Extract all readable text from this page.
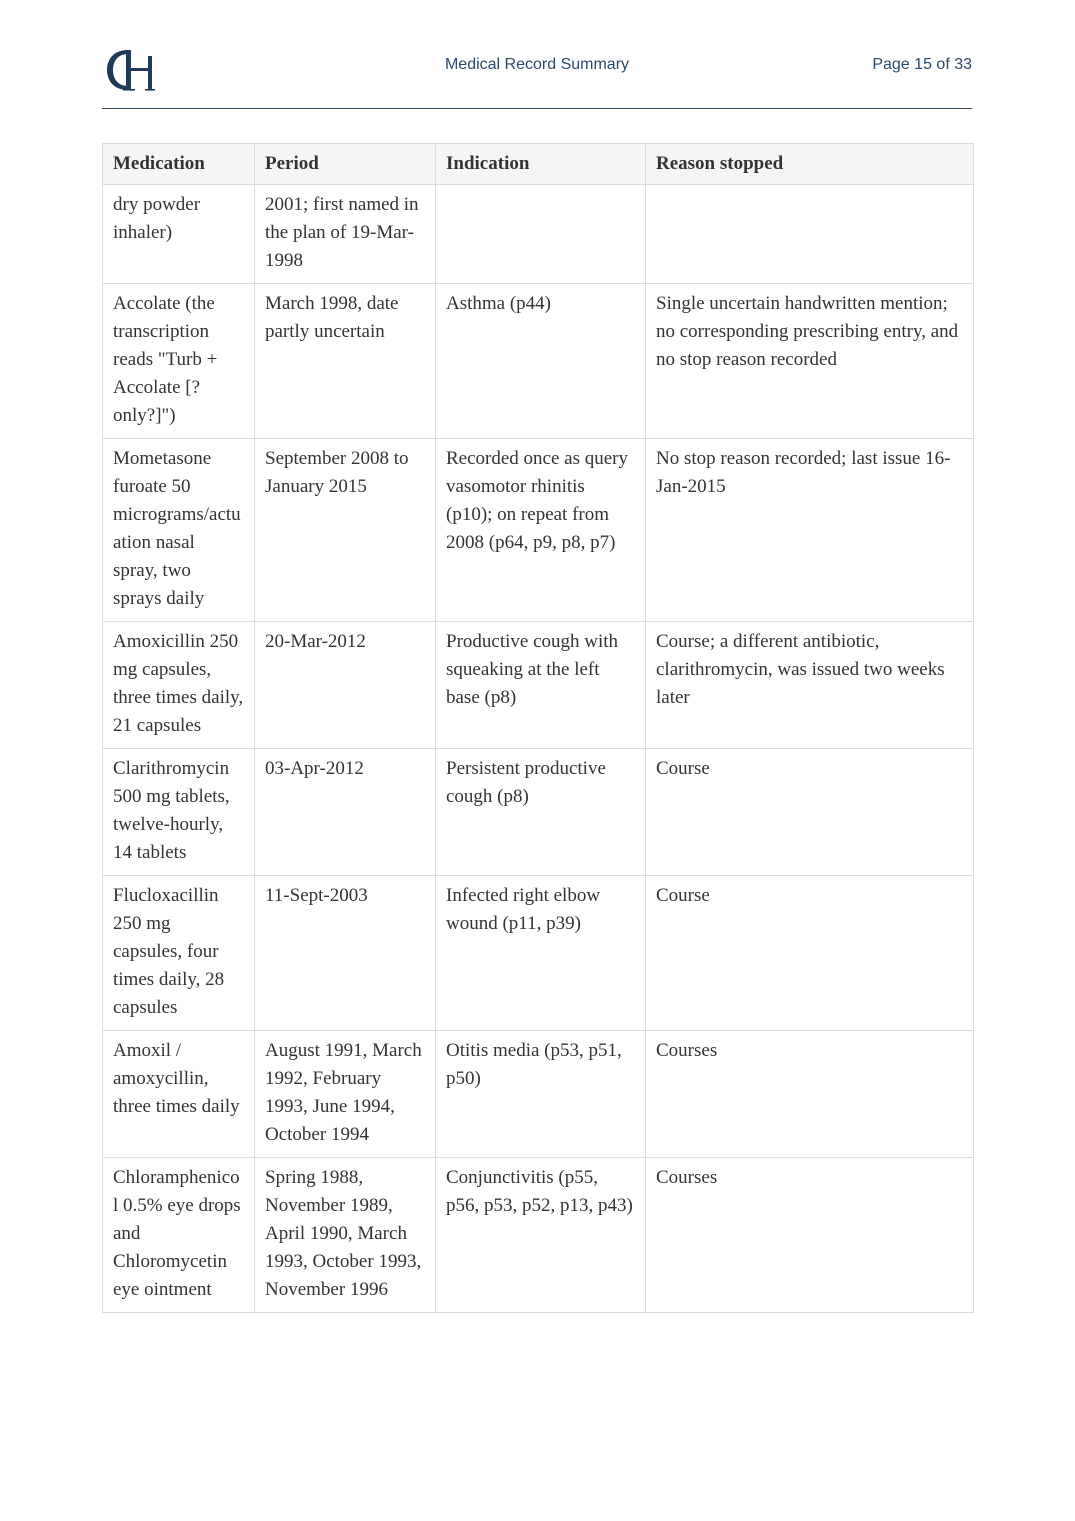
Medical Record Summary	Page 15 of 33
Medication	Period	Indication	Reason stopped
dry powder inhaler)	2001; first named in the plan of 19-Mar-1998		
Accolate (the transcription reads "Turb + Accolate [?only?]")	March 1998, date partly uncertain	Asthma (p44)	Single uncertain handwritten mention; no corresponding prescribing entry, and no stop reason recorded
Mometasone furoate 50 micrograms/actuation nasal spray, two sprays daily	September 2008 to January 2015	Recorded once as query vasomotor rhinitis (p10); on repeat from 2008 (p64, p9, p8, p7)	No stop reason recorded; last issue 16-Jan-2015
Amoxicillin 250 mg capsules, three times daily, 21 capsules	20-Mar-2012	Productive cough with squeaking at the left base (p8)	Course; a different antibiotic, clarithromycin, was issued two weeks later
Clarithromycin 500 mg tablets, twelve-hourly, 14 tablets	03-Apr-2012	Persistent productive cough (p8)	Course
Flucloxacillin 250 mg capsules, four times daily, 28 capsules	11-Sept-2003	Infected right elbow wound (p11, p39)	Course
Amoxil / amoxycillin, three times daily	August 1991, March 1992, February 1993, June 1994, October 1994	Otitis media (p53, p51, p50)	Courses
Chloramphenicol 0.5% eye drops and Chloromycetin eye ointment	Spring 1988, November 1989, April 1990, March 1993, October 1993, November 1996	Conjunctivitis (p55, p56, p53, p52, p13, p43)	Courses
